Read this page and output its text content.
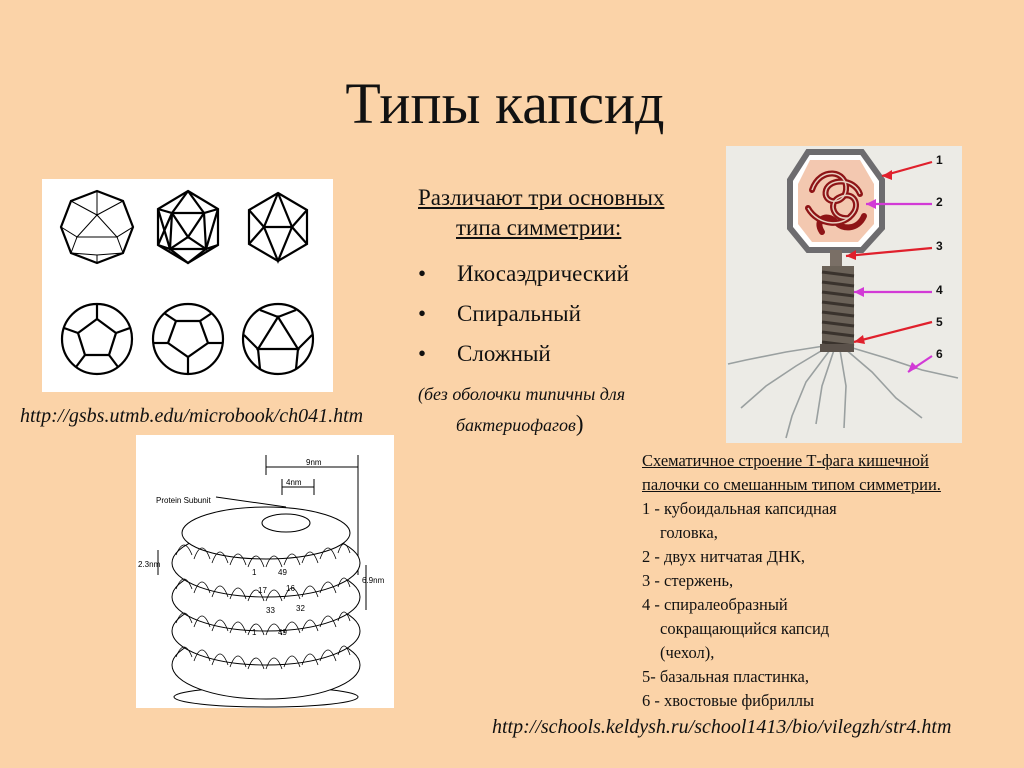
Типы капсид
http://gsbs.utmb.edu/microbook/ch041.htm
Различают три основных
типа симметрии:
• Икосаэдрический
• Спиральный
• Сложный
(без оболочки типичны для
бактериофагов)
1
2
3
4
5
6
Protein Subunit
9nm
4nm
2.3nm
6.9nm
1	49
17 16
33	32
1	49
Схематичное строение Т-фага кишечной
палочки со смешанным типом симметрии.
1 - кубоидальная капсидная
головка,
2 - двух нитчатая ДНК,
3 - стержень,
4 - спиралеобразный
сокращающийся капсид
(чехол),
5- базальная пластинка,
6 - хвостовые фибриллы
http://schools.keldysh.ru/school1413/bio/vilegzh/str4.htm
